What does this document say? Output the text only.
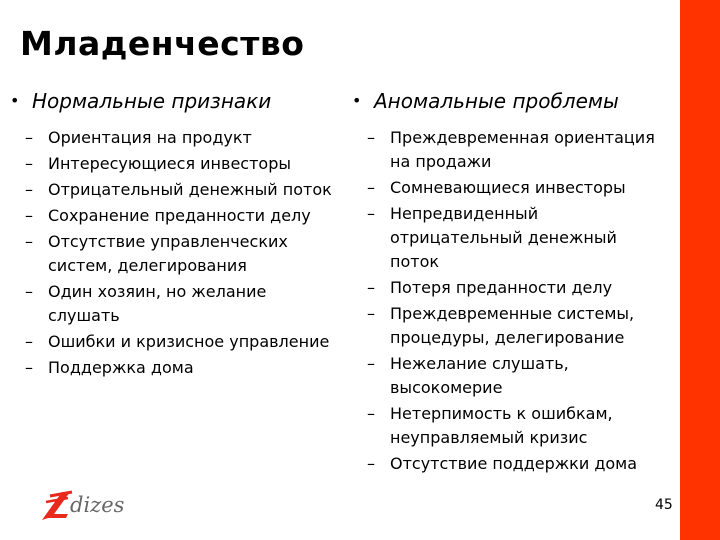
Младенчество
• Нормальные признаки
– Ориентация на продукт
– Интересующиеся инвесторы
– Отрицательный денежный поток
– Сохранение преданности делу
– Отсутствие управленческих систем, делегирования
– Один хозяин, но желание слушать
– Ошибки и кризисное управление
– Поддержка дома
• Аномальные проблемы
– Преждевременная ориентация на продажи
– Сомневающиеся инвесторы
– Непредвиденный отрицательный денежный поток
– Потеря преданности делу
– Преждевременные системы, процедуры, делегирование
– Нежелание слушать, высокомерие
– Нетерпимость к ошибкам, неуправляемый кризис
– Отсутствие поддержки дома
dizes	45
